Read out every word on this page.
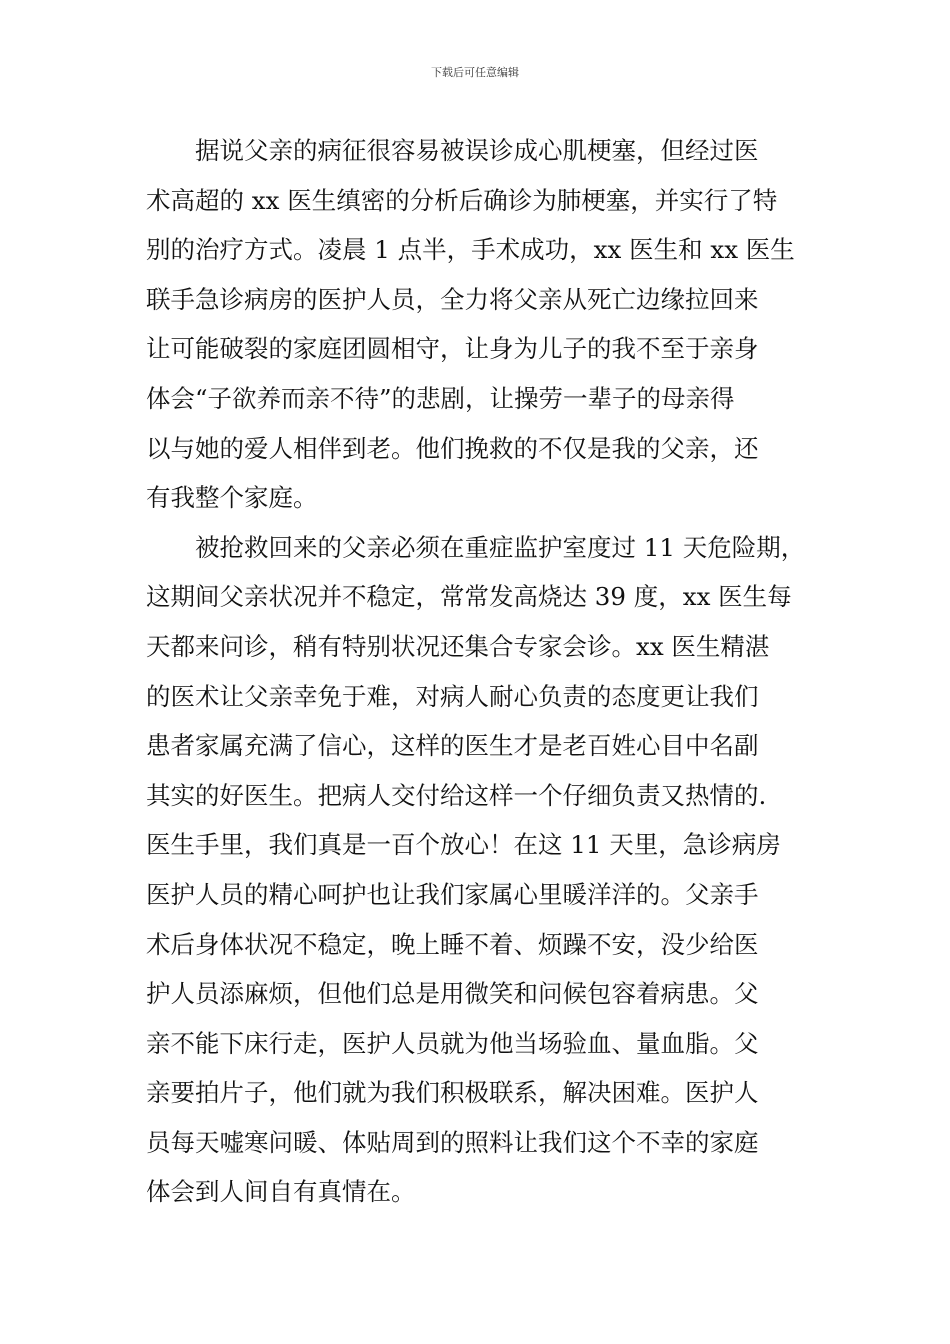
下载后可任意编辑
据说父亲的病征很容易被误诊成心肌梗塞，但经过医
术高超的 xx 医生缜密的分析后确诊为肺梗塞，并实行了特
别的治疗方式。凌晨 1 点半，手术成功，xx 医生和 xx 医生
联手急诊病房的医护人员，全力将父亲从死亡边缘拉回来
让可能破裂的家庭团圆相守，让身为儿子的我不至于亲身
体会“子欲养而亲不待”的悲剧，让操劳一辈子的母亲得
以与她的爱人相伴到老。他们挽救的不仅是我的父亲，还
有我整个家庭。
被抢救回来的父亲必须在重症监护室度过 11 天危险期，
这期间父亲状况并不稳定，常常发高烧达 39 度，xx 医生每
天都来问诊，稍有特别状况还集合专家会诊。xx 医生精湛
的医术让父亲幸免于难，对病人耐心负责的态度更让我们
患者家属充满了信心，这样的医生才是老百姓心目中名副
其实的好医生。把病人交付给这样一个仔细负责又热情的.
医生手里，我们真是一百个放心！在这 11 天里，急诊病房
医护人员的精心呵护也让我们家属心里暖洋洋的。父亲手
术后身体状况不稳定，晚上睡不着、烦躁不安，没少给医
护人员添麻烦，但他们总是用微笑和问候包容着病患。父
亲不能下床行走，医护人员就为他当场验血、量血脂。父
亲要拍片子，他们就为我们积极联系，解决困难。医护人
员每天嘘寒问暖、体贴周到的照料让我们这个不幸的家庭
体会到人间自有真情在。
